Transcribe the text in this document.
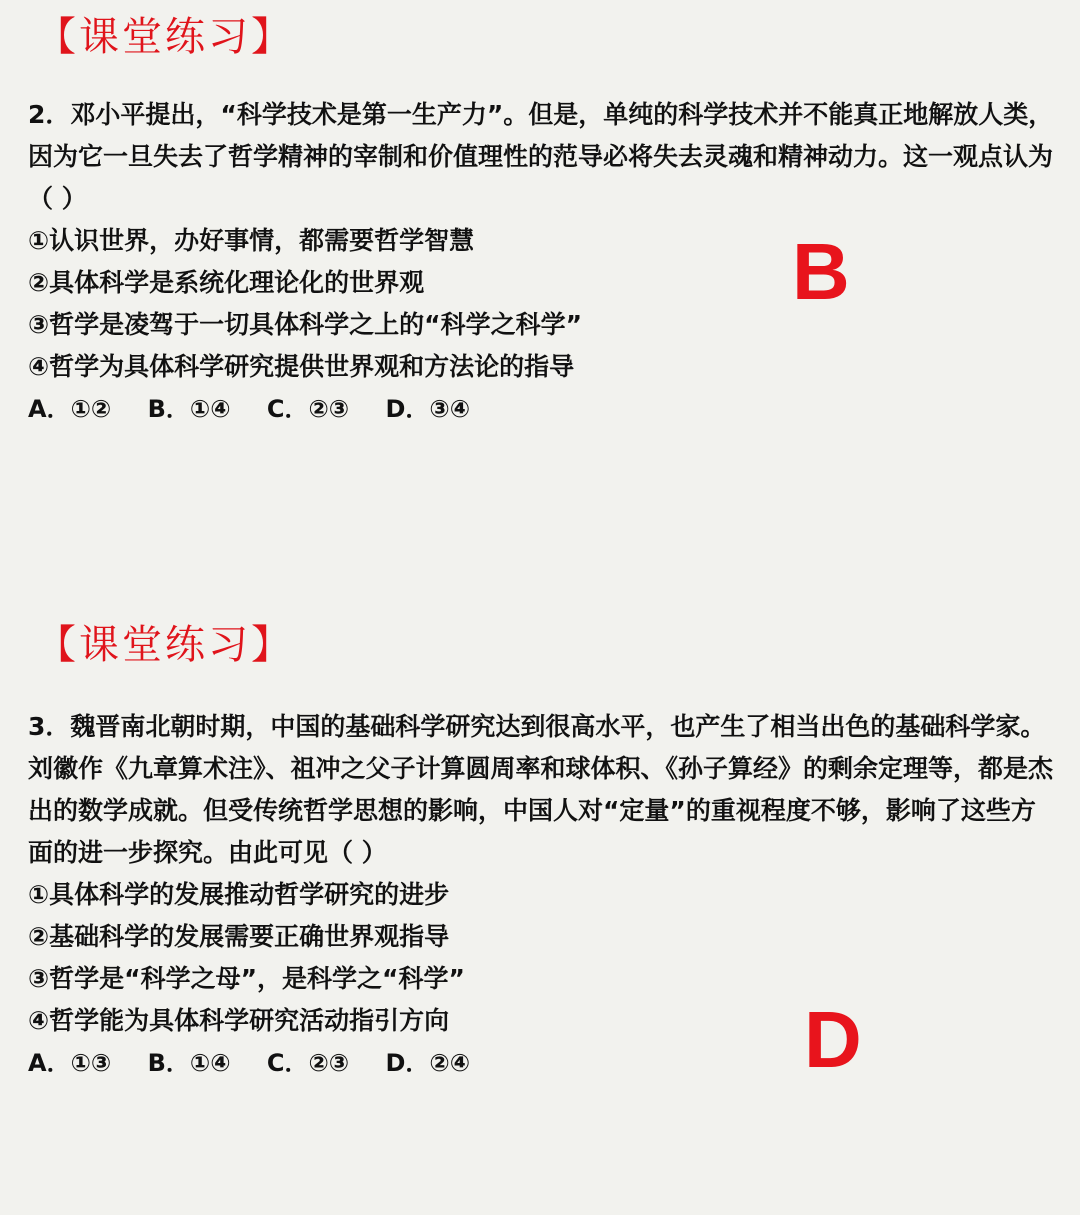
【课堂练习】

2．邓小平提出，“科学技术是第一生产力”。但是，单纯的科学技术并不能真正地解放人类，因为它一旦失去了哲学精神的宰制和价值理性的范导必将失去灵魂和精神动力。这一观点认为（ ）

①认识世界，办好事情，都需要哲学智慧

②具体科学是系统化理论化的世界观

③哲学是凌驾于一切具体科学之上的“科学之科学”

④哲学为具体科学研究提供世界观和方法论的指导

A．①② B．①④ C．②③ D．③④

B
【课堂练习】

3．魏晋南北朝时期，中国的基础科学研究达到很高水平，也产生了相当出色的基础科学家。刘徽作《九章算术注》、祖冲之父子计算圆周率和球体积、《孙子算经》的剩余定理等，都是杰出的数学成就。但受传统哲学思想的影响，中国人对“定量”的重视程度不够，影响了这些方面的进一步探究。由此可见（ ）

①具体科学的发展推动哲学研究的进步

②基础科学的发展需要正确世界观指导

③哲学是“科学之母”，是科学之“科学”

④哲学能为具体科学研究活动指引方向

A．①③ B．①④ C．②③ D．②④	D
